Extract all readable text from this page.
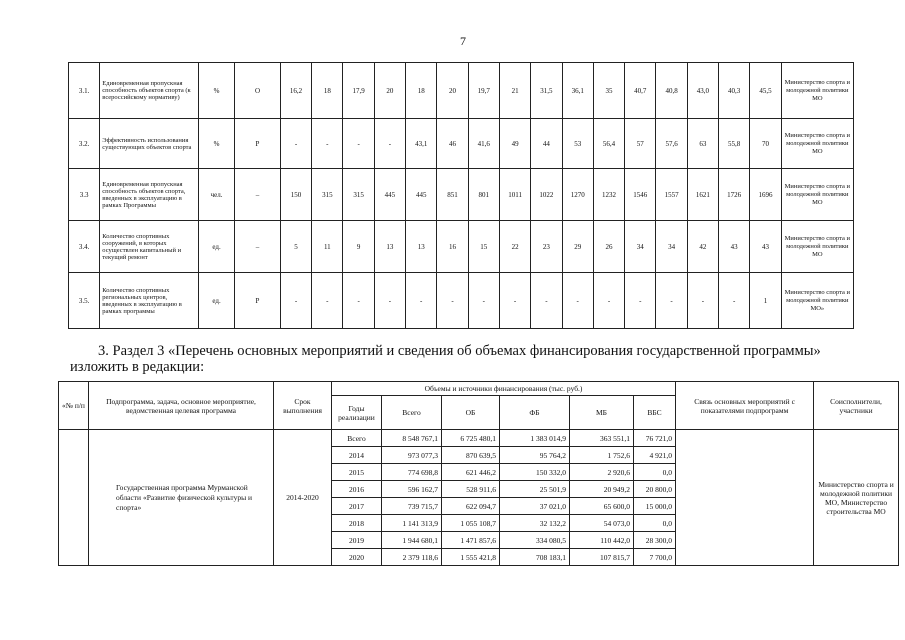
7
3.1.	Единовременная пропускная способность объектов спорта (к всероссийскому нормативу)	%	О	16,2	18	17,9	20	18	20	19,7	21	31,5	36,1	35	40,7	40,8	43,0	40,3	45,5	Министерство спорта и молодежной политики МО
3.2.	Эффективность использования существующих объектов спорта	%	Р	-	-	-	-	43,1	46	41,6	49	44	53	56,4	57	57,6	63	55,8	70	Министерство спорта и молодежной политики МО
3.3	Единовременная пропускная способность объектов спорта, введенных в эксплуатацию в рамках Программы	чел.	–	150	315	315	445	445	851	801	1011	1022	1270	1232	1546	1557	1621	1726	1696	Министерство спорта и молодежной политики МО
3.4.	Количество спортивных сооружений, в которых осуществлен капитальный и текущий ремонт	ед.	–	5	11	9	13	13	16	15	22	23	29	26	34	34	42	43	43	Министерство спорта и молодежной политики МО
3.5.	Количество спортивных региональных центров, введенных в эксплуатацию в рамках программы	ед.	Р	-	-	-	-	-	-	-	-	-	-	-	-	-	-	-	1	Министерство спорта и молодежной политики МО»
3. Раздел 3 «Перечень основных мероприятий и сведения об объемах финансирования государственной программы»
изложить в редакции:
«№ п/п	Подпрограмма, задача, основное мероприятие, ведомственная целевая программа	Срок выполнения	Объемы и источники финансирования (тыс. руб.)						Связь основных мероприятий с показателями подпрограмм	Соисполнители, участники
			Годы реализации	Всего	ОБ	ФБ	МБ	ВБС		
	Государственная программа Мурманской области «Развитие физической культуры и спорта»	2014-2020	Всего	8 548 767,1	6 725 480,1	1 383 014,9	363 551,1	76 721,0		Министерство спорта и молодежной политики МО, Министерство строительства МО
			2014	973 077,3	870 639,5	95 764,2	1 752,6	4 921,0		
			2015	774 698,8	621 446,2	150 332,0	2 920,6	0,0		
			2016	596 162,7	528 911,6	25 501,9	20 949,2	20 800,0		
			2017	739 715,7	622 094,7	37 021,0	65 600,0	15 000,0		
			2018	1 141 313,9	1 055 108,7	32 132,2	54 073,0	0,0		
			2019	1 944 680,1	1 471 857,6	334 080,5	110 442,0	28 300,0		
			2020	2 379 118,6	1 555 421,8	708 183,1	107 815,7	7 700,0		
